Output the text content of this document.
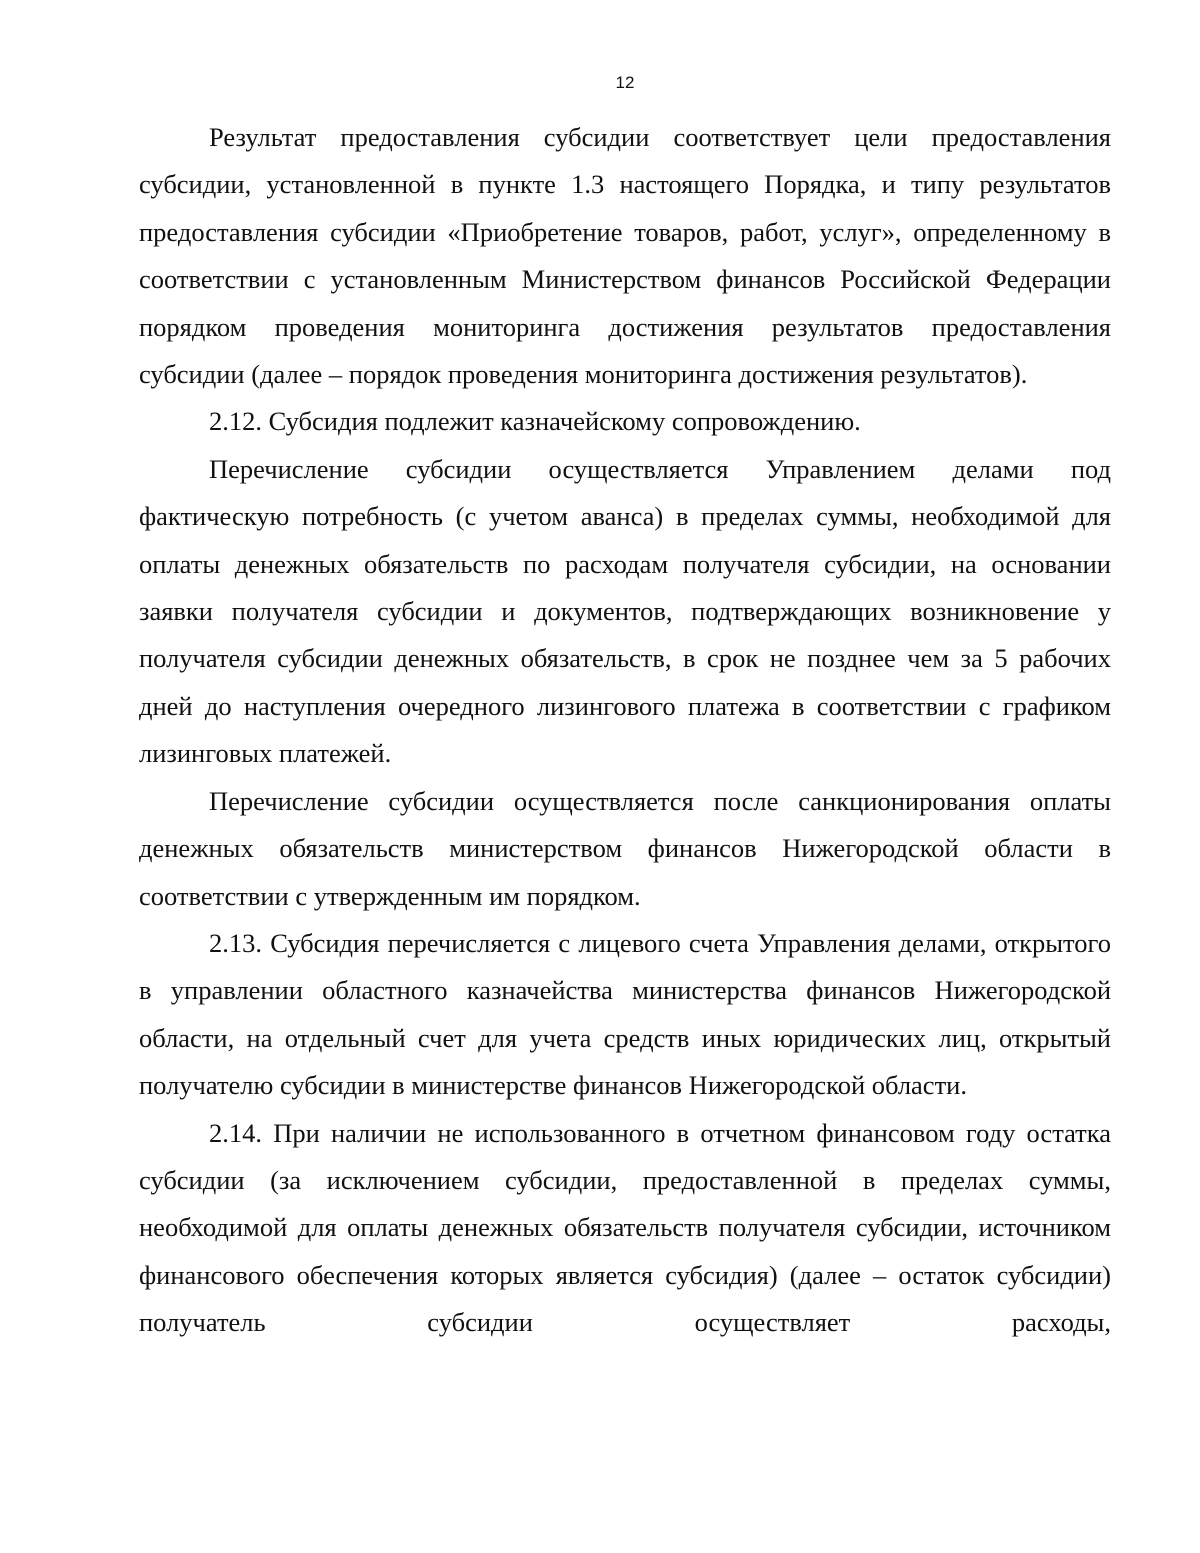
12

Результат предоставления субсидии соответствует цели предоставления субсидии, установленной в пункте 1.3 настоящего Порядка, и типу результатов предоставления субсидии «Приобретение товаров, работ, услуг», определенному в соответствии с установленным Министерством финансов Российской Федерации порядком проведения мониторинга достижения результатов предоставления субсидии (далее – порядок проведения мониторинга достижения результатов).

2.12. Субсидия подлежит казначейскому сопровождению.

Перечисление субсидии осуществляется Управлением делами под фактическую потребность (с учетом аванса) в пределах суммы, необходимой для оплаты денежных обязательств по расходам получателя субсидии, на основании заявки получателя субсидии и документов, подтверждающих возникновение у получателя субсидии денежных обязательств, в срок не позднее чем за 5 рабочих дней до наступления очередного лизингового платежа в соответствии с графиком лизинговых платежей.

Перечисление субсидии осуществляется после санкционирования оплаты денежных обязательств министерством финансов Нижегородской области в соответствии с утвержденным им порядком.

2.13. Субсидия перечисляется с лицевого счета Управления делами, открытого в управлении областного казначейства министерства финансов Нижегородской области, на отдельный счет для учета средств иных юридических лиц, открытый получателю субсидии в министерстве финансов Нижегородской области.

2.14. При наличии не использованного в отчетном финансовом году остатка субсидии (за исключением субсидии, предоставленной в пределах суммы, необходимой для оплаты денежных обязательств получателя субсидии, источником финансового обеспечения которых является субсидия) (далее – остаток субсидии) получатель субсидии осуществляет расходы,
